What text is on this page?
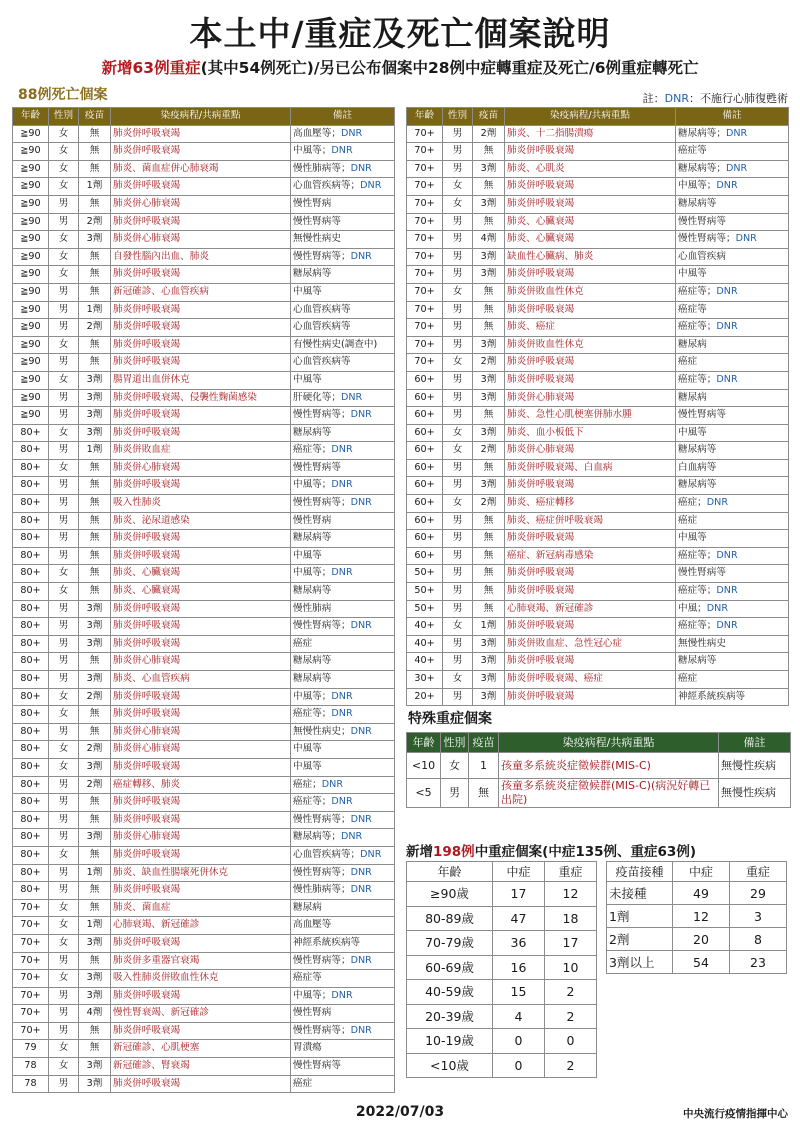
本土中/重症及死亡個案說明
新增63例重症(其中54例死亡)/另已公布個案中28例中症轉重症及死亡/6例重症轉死亡
88例死亡個案	註：DNR：不施行心肺復甦術
年齡	性別	疫苗	染疫病程/共病重點	備註
≧90	女	無	肺炎併呼吸衰竭	高血壓等；DNR
≧90	女	無	肺炎併呼吸衰竭	中風等；DNR
≧90	女	無	肺炎、菌血症併心肺衰竭	慢性肺病等；DNR
≧90	女	1劑	肺炎併呼吸衰竭	心血管疾病等；DNR
≧90	男	無	肺炎併心肺衰竭	慢性腎病
≧90	男	2劑	肺炎併呼吸衰竭	慢性腎病等
≧90	女	3劑	肺炎併心肺衰竭	無慢性病史
≧90	女	無	自發性腦內出血、肺炎	慢性腎病等；DNR
≧90	女	無	肺炎併呼吸衰竭	糖尿病等
≧90	男	無	新冠確診、心血管疾病	中風等
≧90	男	1劑	肺炎併呼吸衰竭	心血管疾病等
≧90	男	2劑	肺炎併呼吸衰竭	心血管疾病等
≧90	女	無	肺炎併呼吸衰竭	有慢性病史(調查中)
≧90	男	無	肺炎併呼吸衰竭	心血管疾病等
≧90	女	3劑	腸胃道出血併休克	中風等
≧90	男	3劑	肺炎併呼吸衰竭、侵襲性麴菌感染	肝硬化等；DNR
≧90	男	3劑	肺炎併呼吸衰竭	慢性腎病等；DNR
80+	女	3劑	肺炎併呼吸衰竭	糖尿病等
80+	男	1劑	肺炎併敗血症	癌症等；DNR
80+	女	無	肺炎併心肺衰竭	慢性腎病等
80+	男	無	肺炎併呼吸衰竭	中風等；DNR
80+	男	無	吸入性肺炎	慢性腎病等；DNR
80+	男	無	肺炎、泌尿道感染	慢性腎病
80+	男	無	肺炎併呼吸衰竭	糖尿病等
80+	男	無	肺炎併呼吸衰竭	中風等
80+	女	無	肺炎、心臟衰竭	中風等；DNR
80+	女	無	肺炎、心臟衰竭	糖尿病等
80+	男	3劑	肺炎併呼吸衰竭	慢性肺病
80+	男	3劑	肺炎併呼吸衰竭	慢性腎病等；DNR
80+	男	3劑	肺炎併呼吸衰竭	癌症
80+	男	無	肺炎併心肺衰竭	糖尿病等
80+	男	3劑	肺炎、心血管疾病	糖尿病等
80+	女	2劑	肺炎併呼吸衰竭	中風等；DNR
80+	女	無	肺炎併呼吸衰竭	癌症等；DNR
80+	男	無	肺炎併心肺衰竭	無慢性病史；DNR
80+	女	2劑	肺炎併心肺衰竭	中風等
80+	女	3劑	肺炎併呼吸衰竭	中風等
80+	男	2劑	癌症轉移、肺炎	癌症；DNR
80+	男	無	肺炎併呼吸衰竭	癌症等；DNR
80+	男	無	肺炎併呼吸衰竭	慢性腎病等；DNR
80+	男	3劑	肺炎併心肺衰竭	糖尿病等；DNR
80+	女	無	肺炎併呼吸衰竭	心血管疾病等；DNR
80+	男	1劑	肺炎、缺血性腸壞死併休克	慢性腎病等；DNR
80+	男	無	肺炎併呼吸衰竭	慢性肺病等；DNR
70+	女	無	肺炎、菌血症	糖尿病
70+	女	1劑	心肺衰竭、新冠確診	高血壓等
70+	女	3劑	肺炎併呼吸衰竭	神經系統疾病等
70+	男	無	肺炎併多重器官衰竭	慢性腎病等；DNR
70+	女	3劑	吸入性肺炎併敗血性休克	癌症等
70+	男	3劑	肺炎併呼吸衰竭	中風等；DNR
70+	男	4劑	慢性腎衰竭、新冠確診	慢性腎病
70+	男	無	肺炎併呼吸衰竭	慢性腎病等；DNR
79	女	無	新冠確診、心肌梗塞	胃潰瘍
78	女	3劑	新冠確診、腎衰竭	慢性腎病等
78	男	3劑	肺炎併呼吸衰竭	癌症
年齡	性別	疫苗	染疫病程/共病重點	備註
70+	男	2劑	肺炎、十二指腸潰瘍	糖尿病等；DNR
70+	男	無	肺炎併呼吸衰竭	癌症等
70+	男	3劑	肺炎、心肌炎	糖尿病等；DNR
70+	女	無	肺炎併呼吸衰竭	中風等；DNR
70+	女	3劑	肺炎併呼吸衰竭	糖尿病等
70+	男	無	肺炎、心臟衰竭	慢性腎病等
70+	男	4劑	肺炎、心臟衰竭	慢性腎病等；DNR
70+	男	3劑	缺血性心臟病、肺炎	心血管疾病
70+	男	3劑	肺炎併呼吸衰竭	中風等
70+	女	無	肺炎併敗血性休克	癌症等；DNR
70+	男	無	肺炎併呼吸衰竭	癌症等
70+	男	無	肺炎、癌症	癌症等；DNR
70+	男	3劑	肺炎併敗血性休克	糖尿病
70+	女	2劑	肺炎併呼吸衰竭	癌症
60+	男	3劑	肺炎併呼吸衰竭	癌症等；DNR
60+	男	3劑	肺炎併心肺衰竭	糖尿病
60+	男	無	肺炎、急性心肌梗塞併肺水腫	慢性腎病等
60+	女	3劑	肺炎、血小板低下	中風等
60+	女	2劑	肺炎併心肺衰竭	糖尿病等
60+	男	無	肺炎併呼吸衰竭、白血病	白血病等
60+	男	3劑	肺炎併呼吸衰竭	糖尿病等
60+	女	2劑	肺炎、癌症轉移	癌症；DNR
60+	男	無	肺炎、癌症併呼吸衰竭	癌症
60+	男	無	肺炎併呼吸衰竭	中風等
60+	男	無	癌症、新冠病毒感染	癌症等；DNR
50+	男	無	肺炎併呼吸衰竭	慢性腎病等
50+	男	無	肺炎併呼吸衰竭	癌症等；DNR
50+	男	無	心肺衰竭、新冠確診	中風；DNR
40+	女	1劑	肺炎併呼吸衰竭	癌症等；DNR
40+	男	3劑	肺炎併敗血症、急性冠心症	無慢性病史
40+	男	3劑	肺炎併呼吸衰竭	糖尿病等
30+	女	3劑	肺炎併呼吸衰竭、癌症	癌症
20+	男	3劑	肺炎併呼吸衰竭	神經系統疾病等
特殊重症個案
年齡	性別	疫苗	染疫病程/共病重點	備註
<10	女	1	孩童多系統炎症徵候群(MIS-C)	無慢性疾病
<5	男	無	孩童多系統炎症徵候群(MIS-C)(病況好轉已出院)	無慢性疾病
新增198例中重症個案(中症135例、重症63例)
年齡	中症	重症
≥90歲	17	12
80-89歲	47	18
70-79歲	36	17
60-69歲	16	10
40-59歲	15	2
20-39歲	4	2
10-19歲	0	0
<10歲	0	2
疫苗接種	中症	重症
未接種	49	29
1劑	12	3
2劑	20	8
3劑以上	54	23
2022/07/03	中央流行疫情指揮中心
